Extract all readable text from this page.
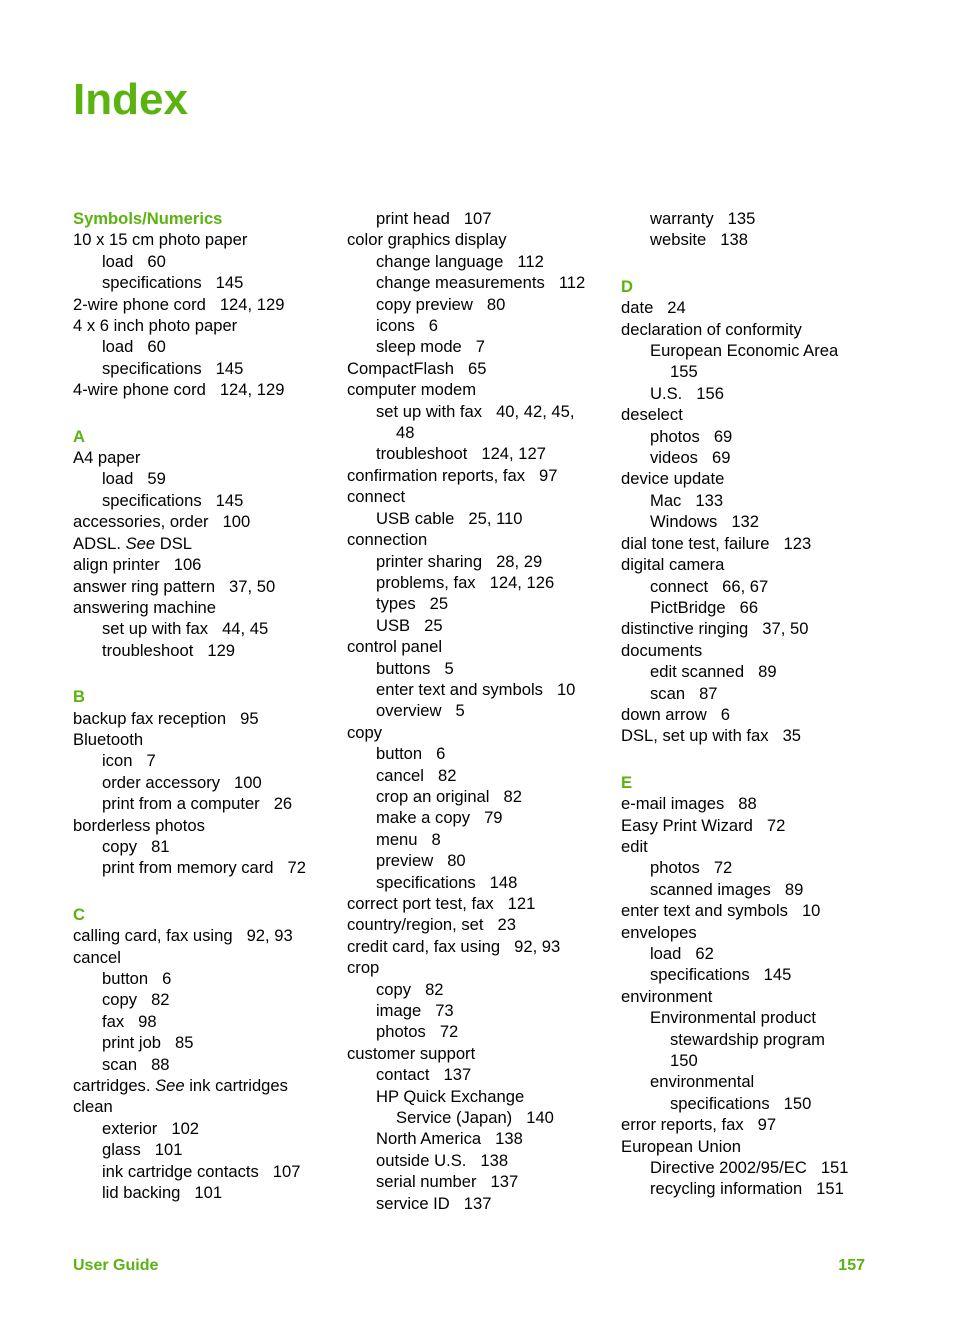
Index
Symbols/Numerics
10 x 15 cm photo paper
load 60
specifications 145
2-wire phone cord 124, 129
4 x 6 inch photo paper
load 60
specifications 145
4-wire phone cord 124, 129
A
A4 paper
load 59
specifications 145
accessories, order 100
ADSL. See DSL
align printer 106
answer ring pattern 37, 50
answering machine
set up with fax 44, 45
troubleshoot 129
B
backup fax reception 95
Bluetooth
icon 7
order accessory 100
print from a computer 26
borderless photos
copy 81
print from memory card 72
C
calling card, fax using 92, 93
cancel
button 6
copy 82
fax 98
print job 85
scan 88
cartridges. See ink cartridges
clean
exterior 102
glass 101
ink cartridge contacts 107
lid backing 101
print head 107
color graphics display
change language 112
change measurements 112
copy preview 80
icons 6
sleep mode 7
CompactFlash 65
computer modem
set up with fax 40, 42, 45,
48
troubleshoot 124, 127
confirmation reports, fax 97
connect
USB cable 25, 110
connection
printer sharing 28, 29
problems, fax 124, 126
types 25
USB 25
control panel
buttons 5
enter text and symbols 10
overview 5
copy
button 6
cancel 82
crop an original 82
make a copy 79
menu 8
preview 80
specifications 148
correct port test, fax 121
country/region, set 23
credit card, fax using 92, 93
crop
copy 82
image 73
photos 72
customer support
contact 137
HP Quick Exchange
Service (Japan) 140
North America 138
outside U.S. 138
serial number 137
service ID 137
warranty 135
website 138
D
date 24
declaration of conformity
European Economic Area
155
U.S. 156
deselect
photos 69
videos 69
device update
Mac 133
Windows 132
dial tone test, failure 123
digital camera
connect 66, 67
PictBridge 66
distinctive ringing 37, 50
documents
edit scanned 89
scan 87
down arrow 6
DSL, set up with fax 35
E
e-mail images 88
Easy Print Wizard 72
edit
photos 72
scanned images 89
enter text and symbols 10
envelopes
load 62
specifications 145
environment
Environmental product
stewardship program
150
environmental
specifications 150
error reports, fax 97
European Union
Directive 2002/95/EC 151
recycling information 151
User Guide	157
